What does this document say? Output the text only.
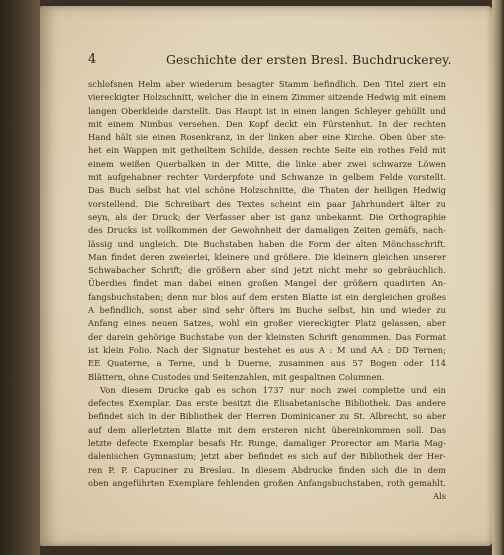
4	Geschichte der ersten Bresl. Buchdruckerey.
schlofsnen Helm aber wiederum besagter Stamm befindlich. Den Titel ziert ein
viereckigter Holzschnitt, welcher die in einem Zimmer sitzende Hedwig mit einem
langen Oberkleide darstellt. Das Haupt ist in einen langen Schleyer gehüllt und
mit einem Nimbus versehen. Den Kopf deckt ein Fürstenhut. In der rechten
Hand hält sie einen Rosenkranz, in der linken aber eine Kirche. Oben über ste-
het ein Wappen mit getheiltem Schilde, dessen rechte Seite ein rothes Feld mit
einem weißen Querbalken in der Mitte, die linke aber zwei schwarze Löwen
mit aufgehabner rechter Vorderpfote und Schwanze in gelbem Felde vorstellt.
Das Buch selbst hat viel schöne Holzschnitte, die Thaten der heiligen Hedwig
vorstellend. Die Schreibart des Textes scheint ein paar Jahrhundert älter zu
seyn, als der Druck; der Verfasser aber ist ganz unbekannt. Die Orthographie
des Drucks ist vollkommen der Gewohnheit der damaligen Zeiten gemäfs, nach-
lässig und ungleich. Die Buchstaben haben die Form der alten Mönchsschrift.
Man findet deren zweierlei, kleinere und größere. Die kleinern gleichen unserer
Schwabacher Schrift; die größern aber sind jetzt nicht mehr so gebräuchlich.
Überdies findet man dabei einen großen Mangel der größern quadirten An-
fangsbuchstaben; denn nur blos auf dem ersten Blatte ist ein dergleichen großes
A befindlich, sonst aber sind sehr öfters im Buche selbst, hin und wieder zu
Anfang eines neuen Satzes, wohl ein großer viereckigter Platz gelassen, aber
der darein gehörige Buchstabe von der kleinsten Schrift genommen. Das Format
ist klein Folio. Nach der Signatur bestehet es aus A : M und AA : DD Ternen;
EE Quaterne, a Terne, und b Duerne, zusammen aus 57 Bogen oder 114
Blättern, ohne Custodes und Seitenzahlen, mit gespaltnen Columnen.
Von diesem Drucke gab es schon 1737 nur noch zwei complette und ein
defectes Exemplar. Das erste besitzt die Elisabetanische Bibliothek. Das andere
befindet sich in der Bibliothek der Herren Dominicaner zu St. Albrecht, so aber
auf dem allerletzten Blatte mit dem ersteren nicht übereinkommen soll. Das
letzte defecte Exemplar besafs Hr. Runge, damaliger Prorector am Maria Mag-
dalenischen Gymnasium; jetzt aber befindet es sich auf der Bibliothek der Her-
ren P. P. Capuciner zu Breslau. In diesem Abdrucke finden sich die in dem
oben angeführten Exemplare fehlenden großen Anfangsbuchstaben, roth gemahlt.
Als
